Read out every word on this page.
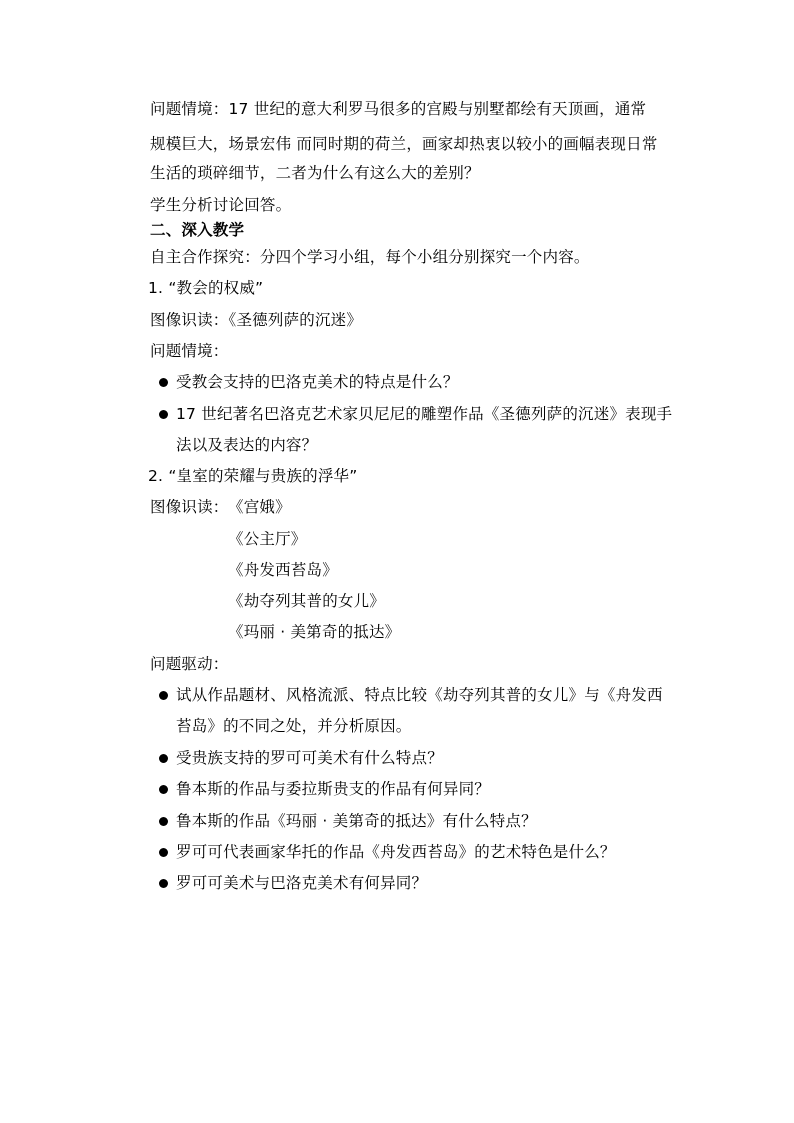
问题情境：17 世纪的意大利罗马很多的宫殿与别墅都绘有天顶画，通常
规模巨大，场景宏伟 而同时期的荷兰，画家却热衷以较小的画幅表现日常
生活的琐碎细节，二者为什么有这么大的差别？
学生分析讨论回答。
二、深入教学
自主合作探究：分四个学习小组，每个小组分别探究一个内容。
1. “教会的权威”
图像识读：《圣德列萨的沉迷》
问题情境：
受教会支持的巴洛克美术的特点是什么？
17 世纪著名巴洛克艺术家贝尼尼的雕塑作品《圣德列萨的沉迷》表现手
法以及表达的内容？
2. “皇室的荣耀与贵族的浮华”
图像识读： 《宫娥》
《公主厅》
《舟发西苔岛》
《劫夺列其普的女儿》
《玛丽 · 美第奇的抵达》
问题驱动：
试从作品题材、风格流派、特点比较《劫夺列其普的女儿》与《舟发西
苔岛》的不同之处，并分析原因。
受贵族支持的罗可可美术有什么特点？
鲁本斯的作品与委拉斯贵支的作品有何异同？
鲁本斯的作品《玛丽 · 美第奇的抵达》有什么特点？
罗可可代表画家华托的作品《舟发西苔岛》的艺术特色是什么？
罗可可美术与巴洛克美术有何异同？
